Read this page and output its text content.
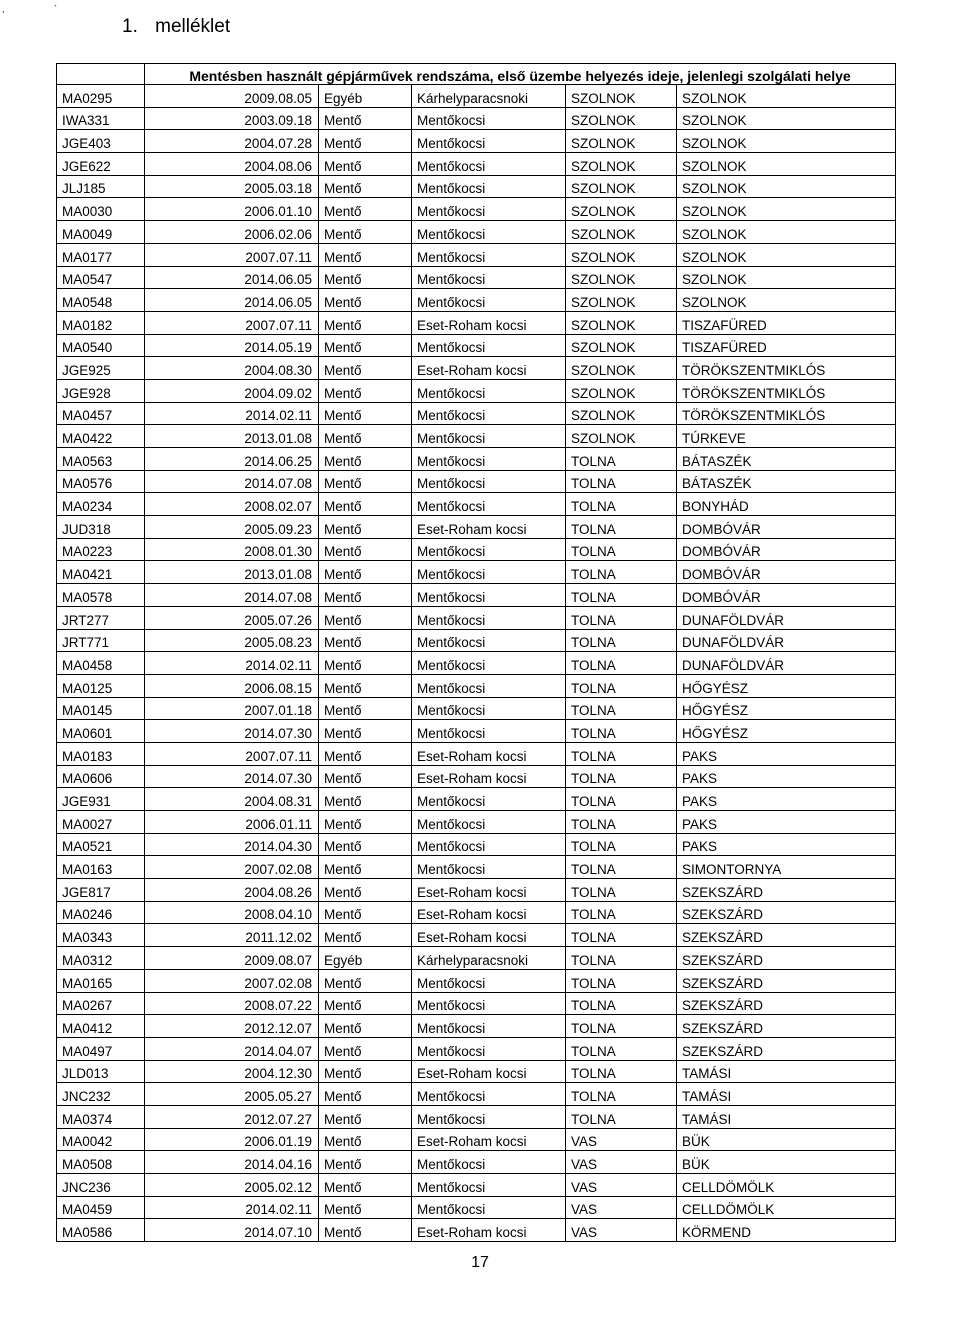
,	`
1. melléklet
	Mentésben használt gépjárművek rendszáma, első üzembe helyezés ideje, jelenlegi szolgálati helye				
MA0295	2009.08.05	Egyéb	Kárhelyparacsnoki	SZOLNOK	SZOLNOK
IWA331	2003.09.18	Mentő	Mentőkocsi	SZOLNOK	SZOLNOK
JGE403	2004.07.28	Mentő	Mentőkocsi	SZOLNOK	SZOLNOK
JGE622	2004.08.06	Mentő	Mentőkocsi	SZOLNOK	SZOLNOK
JLJ185	2005.03.18	Mentő	Mentőkocsi	SZOLNOK	SZOLNOK
MA0030	2006.01.10	Mentő	Mentőkocsi	SZOLNOK	SZOLNOK
MA0049	2006.02.06	Mentő	Mentőkocsi	SZOLNOK	SZOLNOK
MA0177	2007.07.11	Mentő	Mentőkocsi	SZOLNOK	SZOLNOK
MA0547	2014.06.05	Mentő	Mentőkocsi	SZOLNOK	SZOLNOK
MA0548	2014.06.05	Mentő	Mentőkocsi	SZOLNOK	SZOLNOK
MA0182	2007.07.11	Mentő	Eset-Roham kocsi	SZOLNOK	TISZAFÜRED
MA0540	2014.05.19	Mentő	Mentőkocsi	SZOLNOK	TISZAFÜRED
JGE925	2004.08.30	Mentő	Eset-Roham kocsi	SZOLNOK	TÖRÖKSZENTMIKLÓS
JGE928	2004.09.02	Mentő	Mentőkocsi	SZOLNOK	TÖRÖKSZENTMIKLÓS
MA0457	2014.02.11	Mentő	Mentőkocsi	SZOLNOK	TÖRÖKSZENTMIKLÓS
MA0422	2013.01.08	Mentő	Mentőkocsi	SZOLNOK	TÚRKEVE
MA0563	2014.06.25	Mentő	Mentőkocsi	TOLNA	BÁTASZÉK
MA0576	2014.07.08	Mentő	Mentőkocsi	TOLNA	BÁTASZÉK
MA0234	2008.02.07	Mentő	Mentőkocsi	TOLNA	BONYHÁD
JUD318	2005.09.23	Mentő	Eset-Roham kocsi	TOLNA	DOMBÓVÁR
MA0223	2008.01.30	Mentő	Mentőkocsi	TOLNA	DOMBÓVÁR
MA0421	2013.01.08	Mentő	Mentőkocsi	TOLNA	DOMBÓVÁR
MA0578	2014.07.08	Mentő	Mentőkocsi	TOLNA	DOMBÓVÁR
JRT277	2005.07.26	Mentő	Mentőkocsi	TOLNA	DUNAFÖLDVÁR
JRT771	2005.08.23	Mentő	Mentőkocsi	TOLNA	DUNAFÖLDVÁR
MA0458	2014.02.11	Mentő	Mentőkocsi	TOLNA	DUNAFÖLDVÁR
MA0125	2006.08.15	Mentő	Mentőkocsi	TOLNA	HŐGYÉSZ
MA0145	2007.01.18	Mentő	Mentőkocsi	TOLNA	HŐGYÉSZ
MA0601	2014.07.30	Mentő	Mentőkocsi	TOLNA	HŐGYÉSZ
MA0183	2007.07.11	Mentő	Eset-Roham kocsi	TOLNA	PAKS
MA0606	2014.07.30	Mentő	Eset-Roham kocsi	TOLNA	PAKS
JGE931	2004.08.31	Mentő	Mentőkocsi	TOLNA	PAKS
MA0027	2006.01.11	Mentő	Mentőkocsi	TOLNA	PAKS
MA0521	2014.04.30	Mentő	Mentőkocsi	TOLNA	PAKS
MA0163	2007.02.08	Mentő	Mentőkocsi	TOLNA	SIMONTORNYA
JGE817	2004.08.26	Mentő	Eset-Roham kocsi	TOLNA	SZEKSZÁRD
MA0246	2008.04.10	Mentő	Eset-Roham kocsi	TOLNA	SZEKSZÁRD
MA0343	2011.12.02	Mentő	Eset-Roham kocsi	TOLNA	SZEKSZÁRD
MA0312	2009.08.07	Egyéb	Kárhelyparacsnoki	TOLNA	SZEKSZÁRD
MA0165	2007.02.08	Mentő	Mentőkocsi	TOLNA	SZEKSZÁRD
MA0267	2008.07.22	Mentő	Mentőkocsi	TOLNA	SZEKSZÁRD
MA0412	2012.12.07	Mentő	Mentőkocsi	TOLNA	SZEKSZÁRD
MA0497	2014.04.07	Mentő	Mentőkocsi	TOLNA	SZEKSZÁRD
JLD013	2004.12.30	Mentő	Eset-Roham kocsi	TOLNA	TAMÁSI
JNC232	2005.05.27	Mentő	Mentőkocsi	TOLNA	TAMÁSI
MA0374	2012.07.27	Mentő	Mentőkocsi	TOLNA	TAMÁSI
MA0042	2006.01.19	Mentő	Eset-Roham kocsi	VAS	BÜK
MA0508	2014.04.16	Mentő	Mentőkocsi	VAS	BÜK
JNC236	2005.02.12	Mentő	Mentőkocsi	VAS	CELLDÖMÖLK
MA0459	2014.02.11	Mentő	Mentőkocsi	VAS	CELLDÖMÖLK
MA0586	2014.07.10	Mentő	Eset-Roham kocsi	VAS	KÖRMEND
17
